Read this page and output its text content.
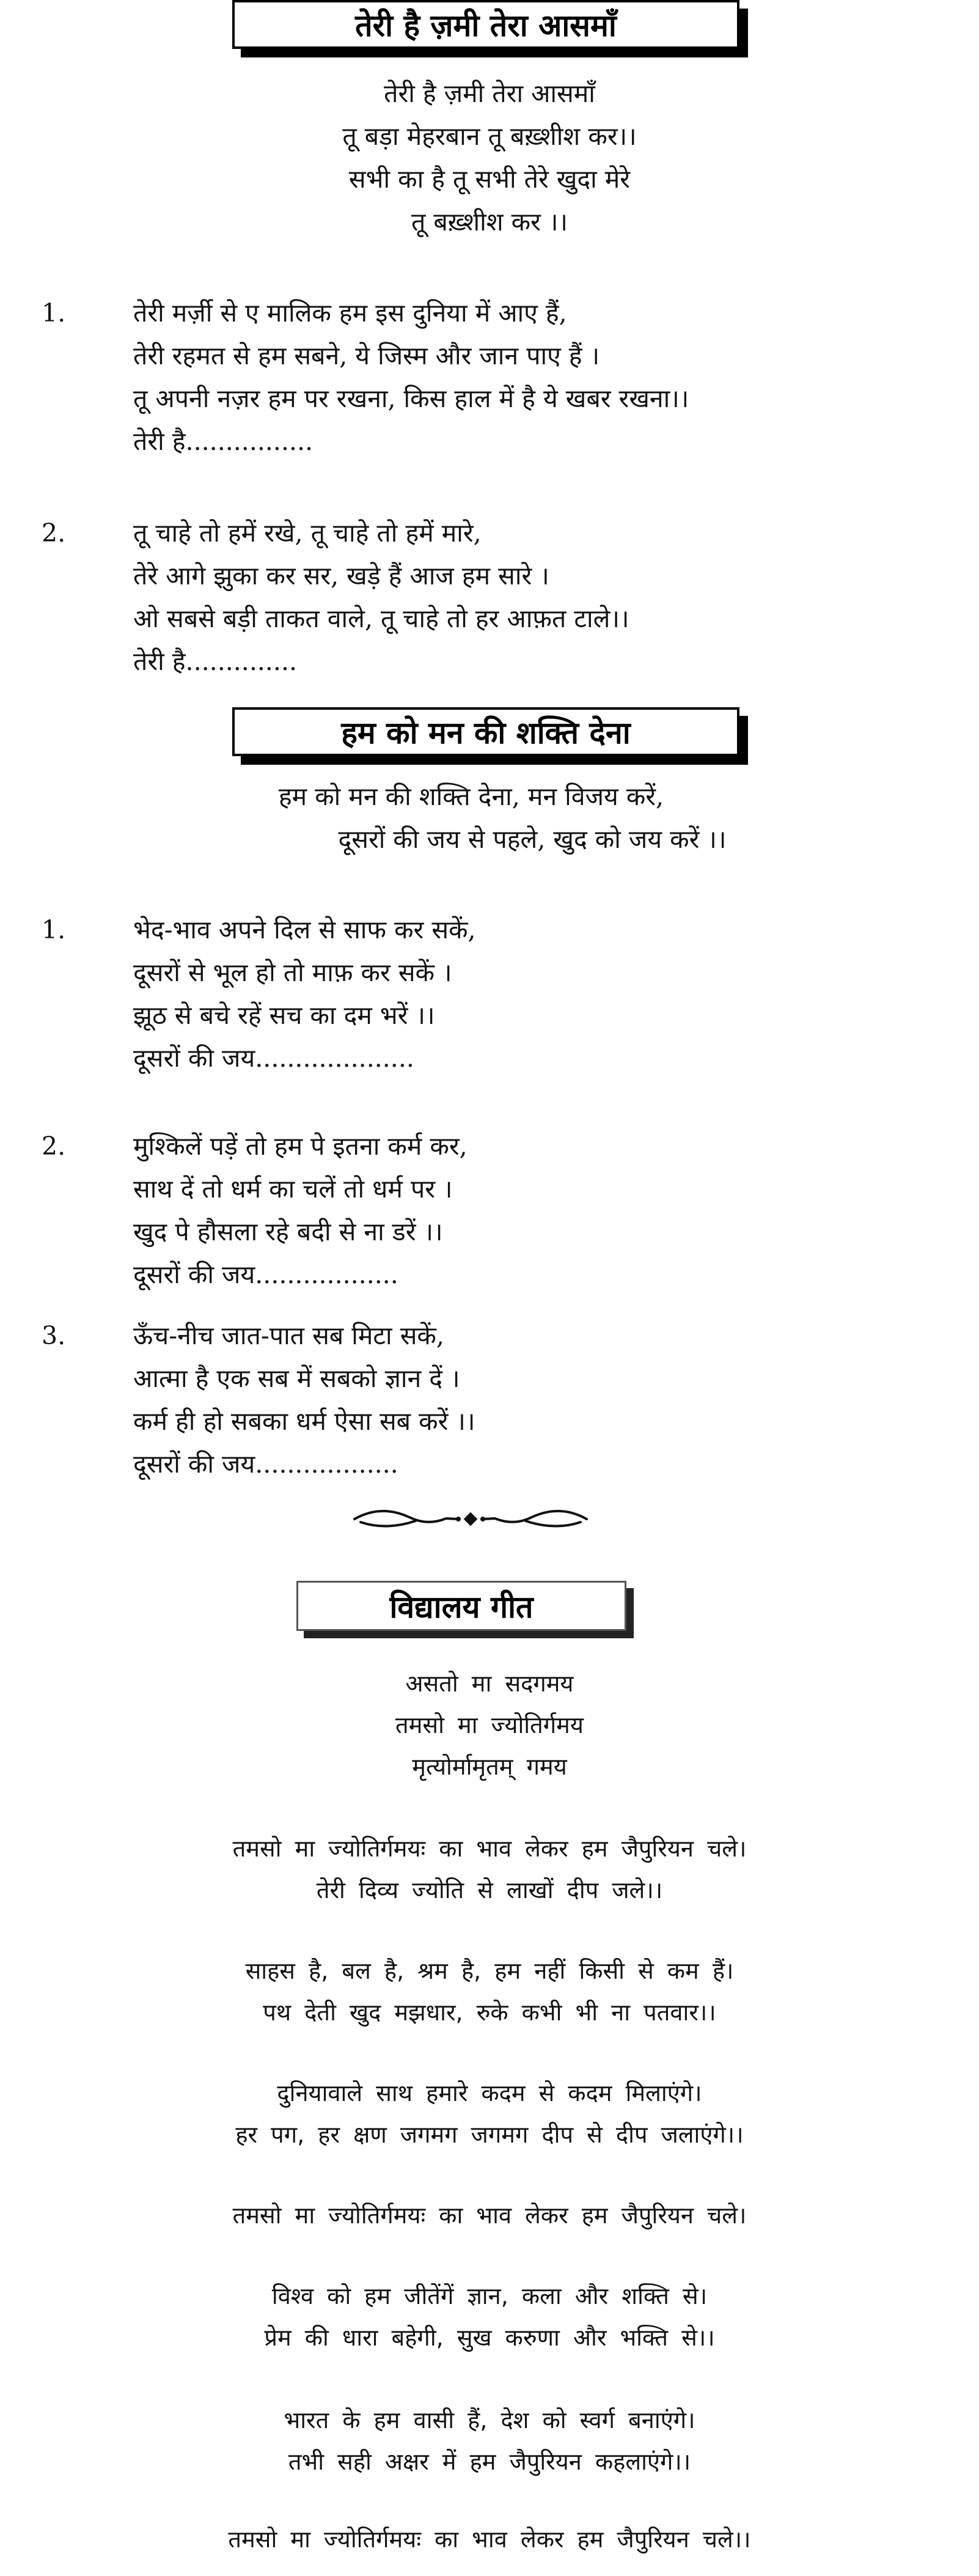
तेरी है ज़मी तेरा आसमाँ
तेरी है ज़मी तेरा आसमाँ
तू बड़ा मेहरबान तू बख़्शीश कर।।
सभी का है तू सभी तेरे खुदा मेरे
तू बख़्शीश कर ।।
1.	तेरी मर्ज़ी से ए मालिक हम इस दुनिया में आए हैं,
तेरी रहमत से हम सबने, ये जिस्म और जान पाए हैं ।
तू अपनी नज़र हम पर रखना, किस हाल में है ये खबर रखना।।
तेरी है................
2.	तू चाहे तो हमें रखे, तू चाहे तो हमें मारे,
तेरे आगे झुका कर सर, खड़े हैं आज हम सारे ।
ओ सबसे बड़ी ताकत वाले, तू चाहे तो हर आफ़त टाले।।
तेरी है..............
हम को मन की शक्ति देना
हम को मन की शक्ति देना, मन विजय करें,
दूसरों की जय से पहले, खुद को जय करें ।।
1.	भेद-भाव अपने दिल से साफ कर सकें,
दूसरों से भूल हो तो माफ़ कर सकें ।
झूठ से बचे रहें सच का दम भरें ।।
दूसरों की जय....................
2.	मुश्किलें पड़ें तो हम पे इतना कर्म कर,
साथ दें तो धर्म का चलें तो धर्म पर ।
खुद पे हौसला रहे बदी से ना डरें ।।
दूसरों की जय..................
3.	ऊँच-नीच जात-पात सब मिटा सकें,
आत्मा है एक सब में सबको ज्ञान दें ।
कर्म ही हो सबका धर्म ऐसा सब करें ।।
दूसरों की जय..................
विद्यालय गीत
असतो मा सदगमय
तमसो मा ज्योतिर्गमय
मृत्योर्मामृतम् गमय
तमसो मा ज्योतिर्गमयः का भाव लेकर हम जैपुरियन चले।
तेरी दिव्य ज्योति से लाखों दीप जले।।
साहस है, बल है, श्रम है, हम नहीं किसी से कम हैं।
पथ देती खुद मझधार, रुके कभी भी ना पतवार।।
दुनियावाले साथ हमारे कदम से कदम मिलाएंगे।
हर पग, हर क्षण जगमग जगमग दीप से दीप जलाएंगे।।
तमसो मा ज्योतिर्गमयः का भाव लेकर हम जैपुरियन चले।
विश्व को हम जीतेंगें ज्ञान, कला और शक्ति से।
प्रेम की धारा बहेगी, सुख करुणा और भक्ति से।।
भारत के हम वासी हैं, देश को स्वर्ग बनाएंगे।
तभी सही अक्षर में हम जैपुरियन कहलाएंगे।।
तमसो मा ज्योतिर्गमयः का भाव लेकर हम जैपुरियन चले।।
